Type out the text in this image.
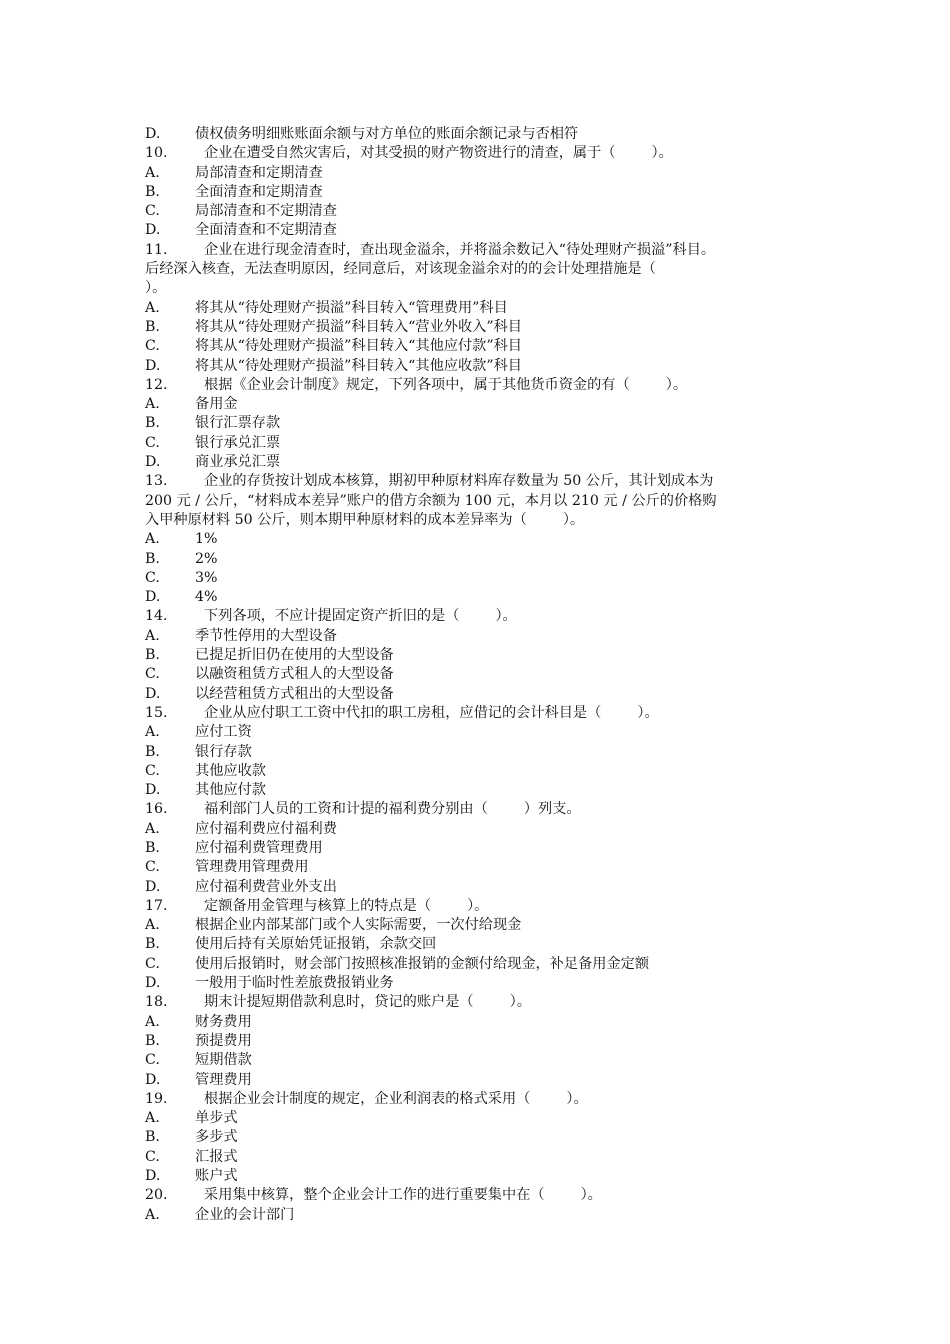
D.	债权债务明细账账面余额与对方单位的账面余额记录与否相符
10.	企业在遭受自然灾害后，对其受损的财产物资进行的清查，属于（        ）。
A.	局部清查和定期清查
B.	全面清查和定期清查
C.	局部清查和不定期清查
D.	全面清查和不定期清查
11.	企业在进行现金清查时，查出现金溢余，并将溢余数记入“待处理财产损溢”科目。
后经深入核查，无法查明原因，经同意后，对该现金溢余对的的会计处理措施是（
）。
A.	将其从“待处理财产损溢”科目转入“管理费用”科目
B.	将其从“待处理财产损溢”科目转入“营业外收入”科目
C.	将其从“待处理财产损溢”科目转入“其他应付款”科目
D.	将其从“待处理财产损溢”科目转入“其他应收款”科目
12.	根据《企业会计制度》规定，下列各项中，属于其他货币资金的有（        ）。
A.	备用金
B.	银行汇票存款
C.	银行承兑汇票
D.	商业承兑汇票
13.	企业的存货按计划成本核算，期初甲种原材料库存数量为 50 公斤，其计划成本为
200 元 / 公斤，“材料成本差异”账户的借方余额为 100 元，本月以 210 元 / 公斤的价格购
入甲种原材料 50 公斤，则本期甲种原材料的成本差异率为（        ）。
A.	1%
B.	2%
C.	3%
D.	4%
14.	下列各项，不应计提固定资产折旧的是（        ）。
A.	季节性停用的大型设备
B.	已提足折旧仍在使用的大型设备
C.	以融资租赁方式租人的大型设备
D.	以经营租赁方式租出的大型设备
15.	企业从应付职工工资中代扣的职工房租，应借记的会计科目是（        ）。
A.	应付工资
B.	银行存款
C.	其他应收款
D.	其他应付款
16.	福利部门人员的工资和计提的福利费分别由（        ）列支。
A.	应付福利费应付福利费
B.	应付福利费管理费用
C.	管理费用管理费用
D.	应付福利费营业外支出
17.	定额备用金管理与核算上的特点是（        ）。
A.	根据企业内部某部门或个人实际需要，一次付给现金
B.	使用后持有关原始凭证报销，余款交回
C.	使用后报销时，财会部门按照核准报销的金额付给现金，补足备用金定额
D.	一般用于临时性差旅费报销业务
18.	期末计提短期借款利息时，贷记的账户是（        ）。
A.	财务费用
B.	预提费用
C.	短期借款
D.	管理费用
19.	根据企业会计制度的规定，企业利润表的格式采用（        ）。
A.	单步式
B.	多步式
C.	汇报式
D.	账户式
20.	采用集中核算，整个企业会计工作的进行重要集中在（        ）。
A.	企业的会计部门
